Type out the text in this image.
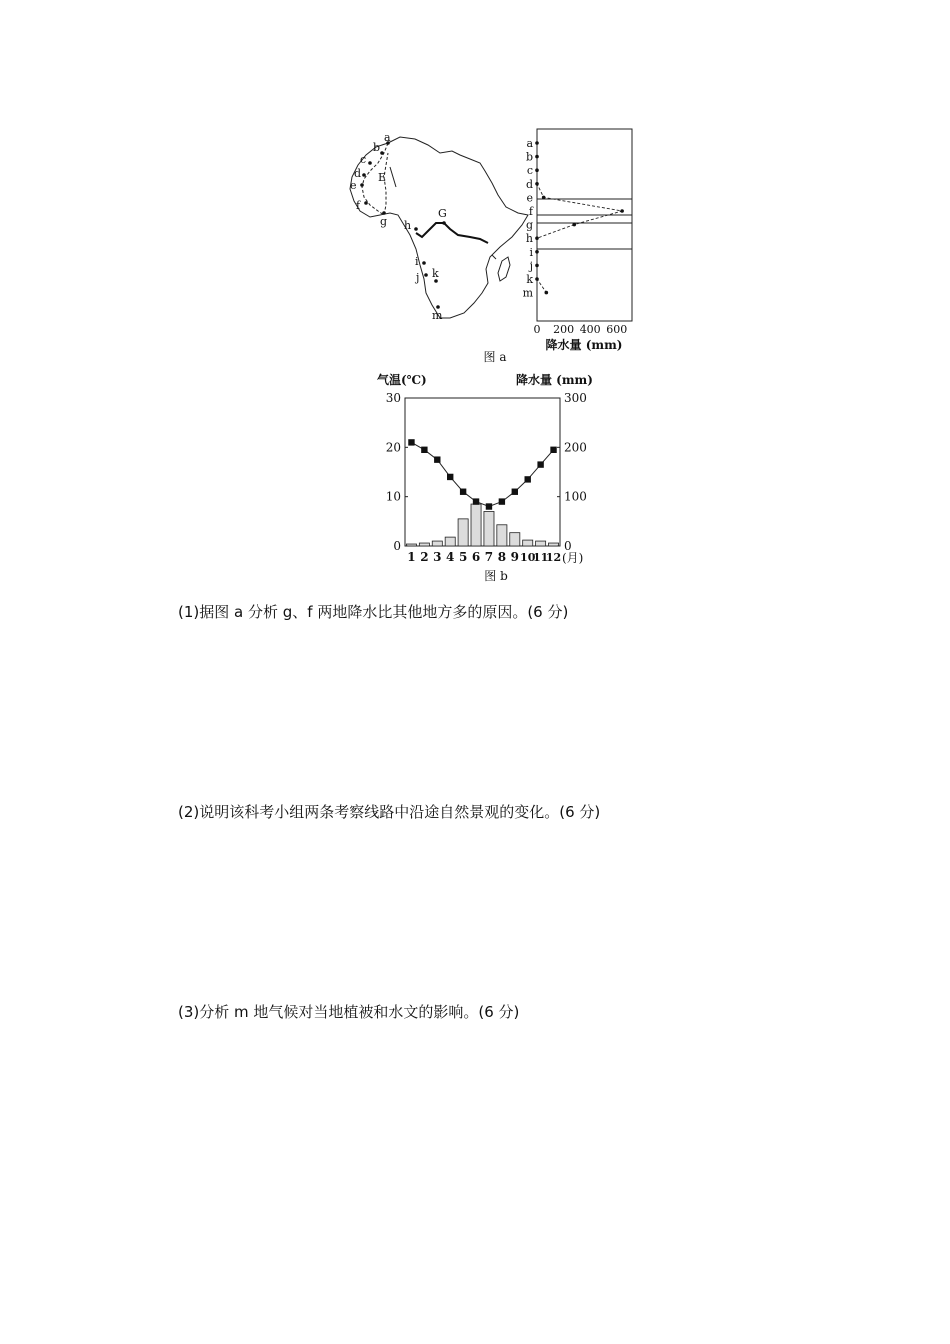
a
b
c
d
e
f
g h
E
G
i
j k
m
a
b
c
d
e
f
g
h
i
j
k
m
0 200 400 600
降水量 (mm)
图 a
气温(℃)	降水量 (mm)
0
10
20
30
0
100
200
300
1 2 3 4 5 6 7 8 9 10
11
12 (月)
图 b
(1)据图 a 分析 g、f 两地降水比其他地方多的原因。(6 分)
(2)说明该科考小组两条考察线路中沿途自然景观的变化。(6 分)
(3)分析 m 地气候对当地植被和水文的影响。(6 分)
